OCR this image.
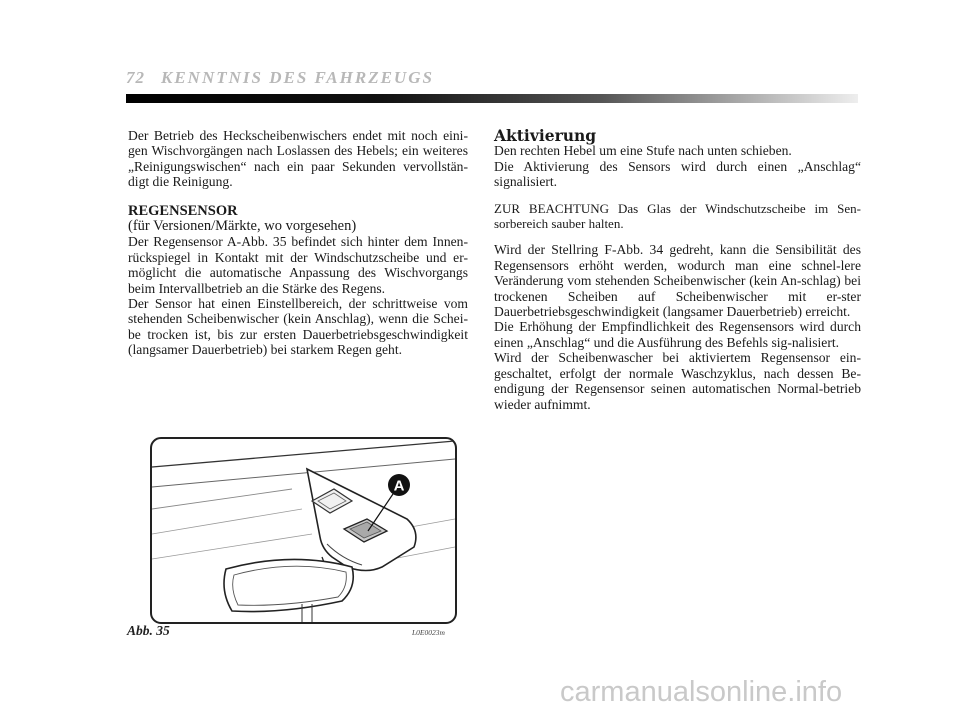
72 KENNTNIS DES FAHRZEUGS

Der Betrieb des Heckscheibenwischers endet mit noch eini-gen Wischvorgängen nach Loslassen des Hebels; ein weiteres „Reinigungswischen“ nach ein paar Sekunden vervollstän-digt die Reinigung.

REGENSENSOR

(für Versionen/Märkte, wo vorgesehen)

Der Regensensor A-Abb. 35 befindet sich hinter dem Innen-rückspiegel in Kontakt mit der Windschutzscheibe und er-möglicht die automatische Anpassung des Wischvorgangs beim Intervallbetrieb an die Stärke des Regens.

Der Sensor hat einen Einstellbereich, der schrittweise vom stehenden Scheibenwischer (kein Anschlag), wenn die Schei-be trocken ist, bis zur ersten Dauerbetriebsgeschwindigkeit (langsamer Dauerbetrieb) bei starkem Regen geht.

Aktivierung

Den rechten Hebel um eine Stufe nach unten schieben.

Die Aktivierung des Sensors wird durch einen „Anschlag“ signalisiert.

ZUR BEACHTUNG Das Glas der Windschutzscheibe im Sen-sorbereich sauber halten.

Wird der Stellring F-Abb. 34 gedreht, kann die Sensibilität des Regensensors erhöht werden, wodurch man eine schnel-lere Veränderung vom stehenden Scheibenwischer (kein An-schlag) bei trockenen Scheiben auf Scheibenwischer mit er-ster Dauerbetriebsgeschwindigkeit (langsamer Dauerbetrieb) erreicht.

Die Erhöhung der Empfindlichkeit des Regensensors wird durch einen „Anschlag“ und die Ausführung des Befehls sig-nalisiert.

Wird der Scheibenwascher bei aktiviertem Regensensor ein-geschaltet, erfolgt der normale Waschzyklus, nach dessen Be-endigung der Regensensor seinen automatischen Normal-betrieb wieder aufnimmt.

A
Abb. 35	L0E0023m
carmanualsonline.info
